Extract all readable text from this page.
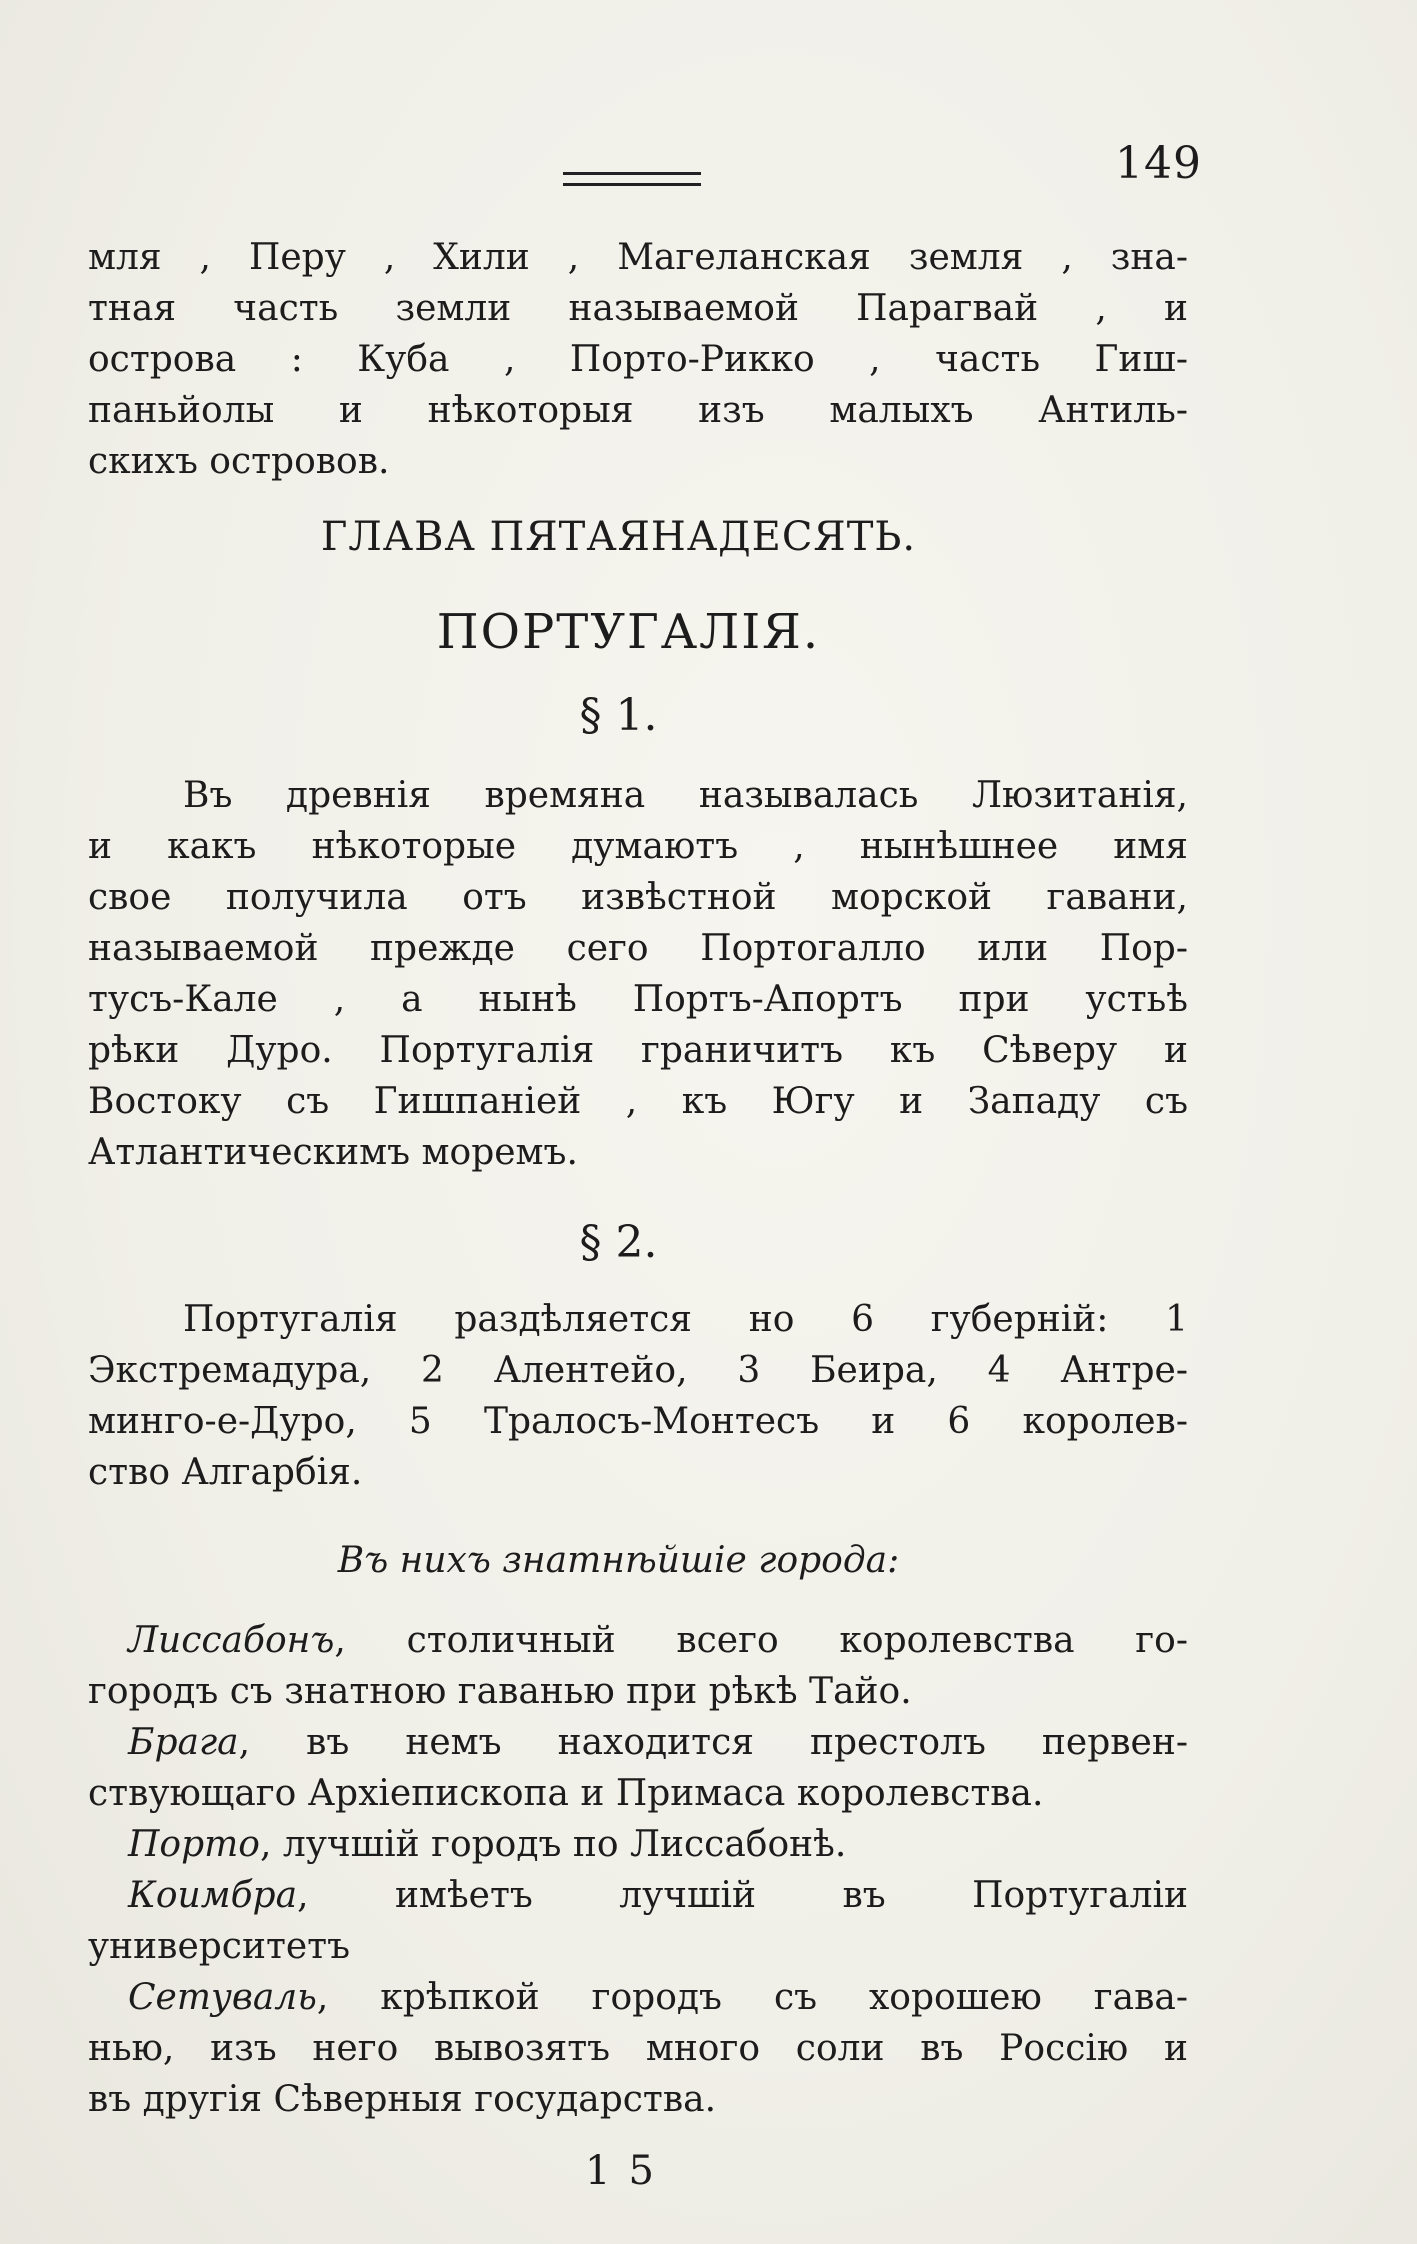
149
мля , Перу , Хили , Магеланская земля , зна-
тная часть земли называемой Парагвай , и
острова : Куба , Порто-Рикко , часть Гиш-
паньйолы и нѣкоторыя изъ малыхъ Антиль-
скихъ островов.
ГЛАВА ПЯТАЯНАДЕСЯТЬ.
ПОРТУГАЛІЯ.
§ 1.
Въ древнія времяна называлась Люзитанія,
и какъ нѣкоторые думаютъ , нынѣшнее имя
свое получила отъ извѣстной морской гавани,
называемой прежде сего Портогалло или Пор-
тусъ-Кале , а нынѣ Портъ-Апортъ при устьѣ
рѣки Дуро. Португалія граничитъ къ Сѣверу и
Востоку съ Гишпаніей , къ Югу и Западу съ
Атлантическимъ моремъ.
§ 2.
Португалія раздѣляется но 6 губерній: 1
Экстремадура, 2 Алентейо, 3 Беира, 4 Антре-
минго-е-Дуро, 5 Тралосъ-Монтесъ и 6 королев-
ство Алгарбія.
Въ нихъ знатнѣйшіе города:
Лиссабонъ, столичный всего королевства го-
городъ съ знатною гаванью при рѣкѣ Тайо.
Брага, въ немъ находится престолъ первен-
ствующаго Архіепископа и Примаса королевства.
Порто, лучшій городъ по Лиссабонѣ.
Коимбра, имѣетъ лучшій въ Португаліи
университетъ
Сетуваль, крѣпкой городъ съ хорошею гава-
нью, изъ него вывозятъ много соли въ Россію и
въ другія Сѣверныя государства.
15
